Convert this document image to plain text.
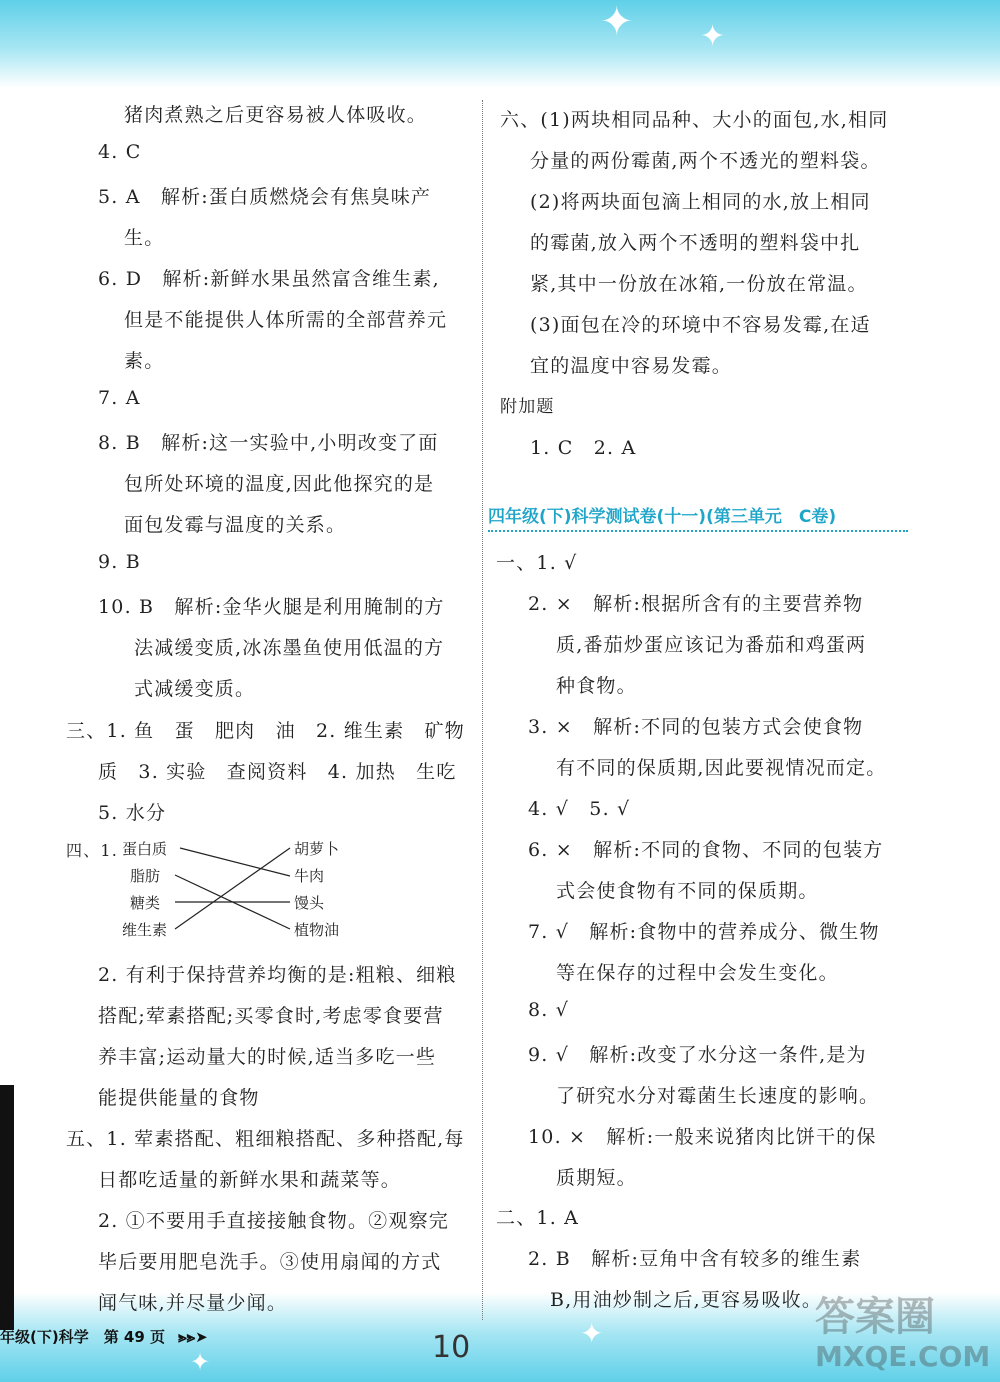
✦ ✦
✦
✦
猪肉煮熟之后更容易被人体吸收。
4. C
5. A　解析:蛋白质燃烧会有焦臭味产
生。
6. D　解析:新鲜水果虽然富含维生素,
但是不能提供人体所需的全部营养元
素。
7. A
8. B　解析:这一实验中,小明改变了面
包所处环境的温度,因此他探究的是
面包发霉与温度的关系。
9. B
10. B　解析:金华火腿是利用腌制的方
法减缓变质,冰冻墨鱼使用低温的方
式减缓变质。
三、1. 鱼　蛋　肥肉　油　2. 维生素　矿物
质　3. 实验　查阅资料　4. 加热　生吃
5. 水分
四、1. 蛋白质
脂肪
糖类
维生素
胡萝卜
牛肉
馒头
植物油
2. 有利于保持营养均衡的是:粗粮、细粮
搭配;荤素搭配;买零食时,考虑零食要营
养丰富;运动量大的时候,适当多吃一些
能提供能量的食物
五、1. 荤素搭配、粗细粮搭配、多种搭配,每
日都吃适量的新鲜水果和蔬菜等。
2. ①不要用手直接接触食物。②观察完
毕后要用肥皂洗手。③使用扇闻的方式
闻气味,并尽量少闻。
六、(1)两块相同品种、大小的面包,水,相同
分量的两份霉菌,两个不透光的塑料袋。
(2)将两块面包滴上相同的水,放上相同
的霉菌,放入两个不透明的塑料袋中扎
紧,其中一份放在冰箱,一份放在常温。
(3)面包在冷的环境中不容易发霉,在适
宜的温度中容易发霉。
附加题
1. C　2. A
四年级(下)科学测试卷(十一)(第三单元　C卷)
一、1. √
2. ×　解析:根据所含有的主要营养物
质,番茄炒蛋应该记为番茄和鸡蛋两
种食物。
3. ×　解析:不同的包装方式会使食物
有不同的保质期,因此要视情况而定。
4. √　5. √
6. ×　解析:不同的食物、不同的包装方
式会使食物有不同的保质期。
7. √　解析:食物中的营养成分、微生物
等在保存的过程中会发生变化。
8. √
9. √　解析:改变了水分这一条件,是为
了研究水分对霉菌生长速度的影响。
10. ×　解析:一般来说猪肉比饼干的保
质期短。
二、1. A
2. B　解析:豆角中含有较多的维生素
B,用油炒制之后,更容易吸收。
年级(下)科学　第 49 页 ⪢⪢➤	10
答案圈
MXQE.COM
